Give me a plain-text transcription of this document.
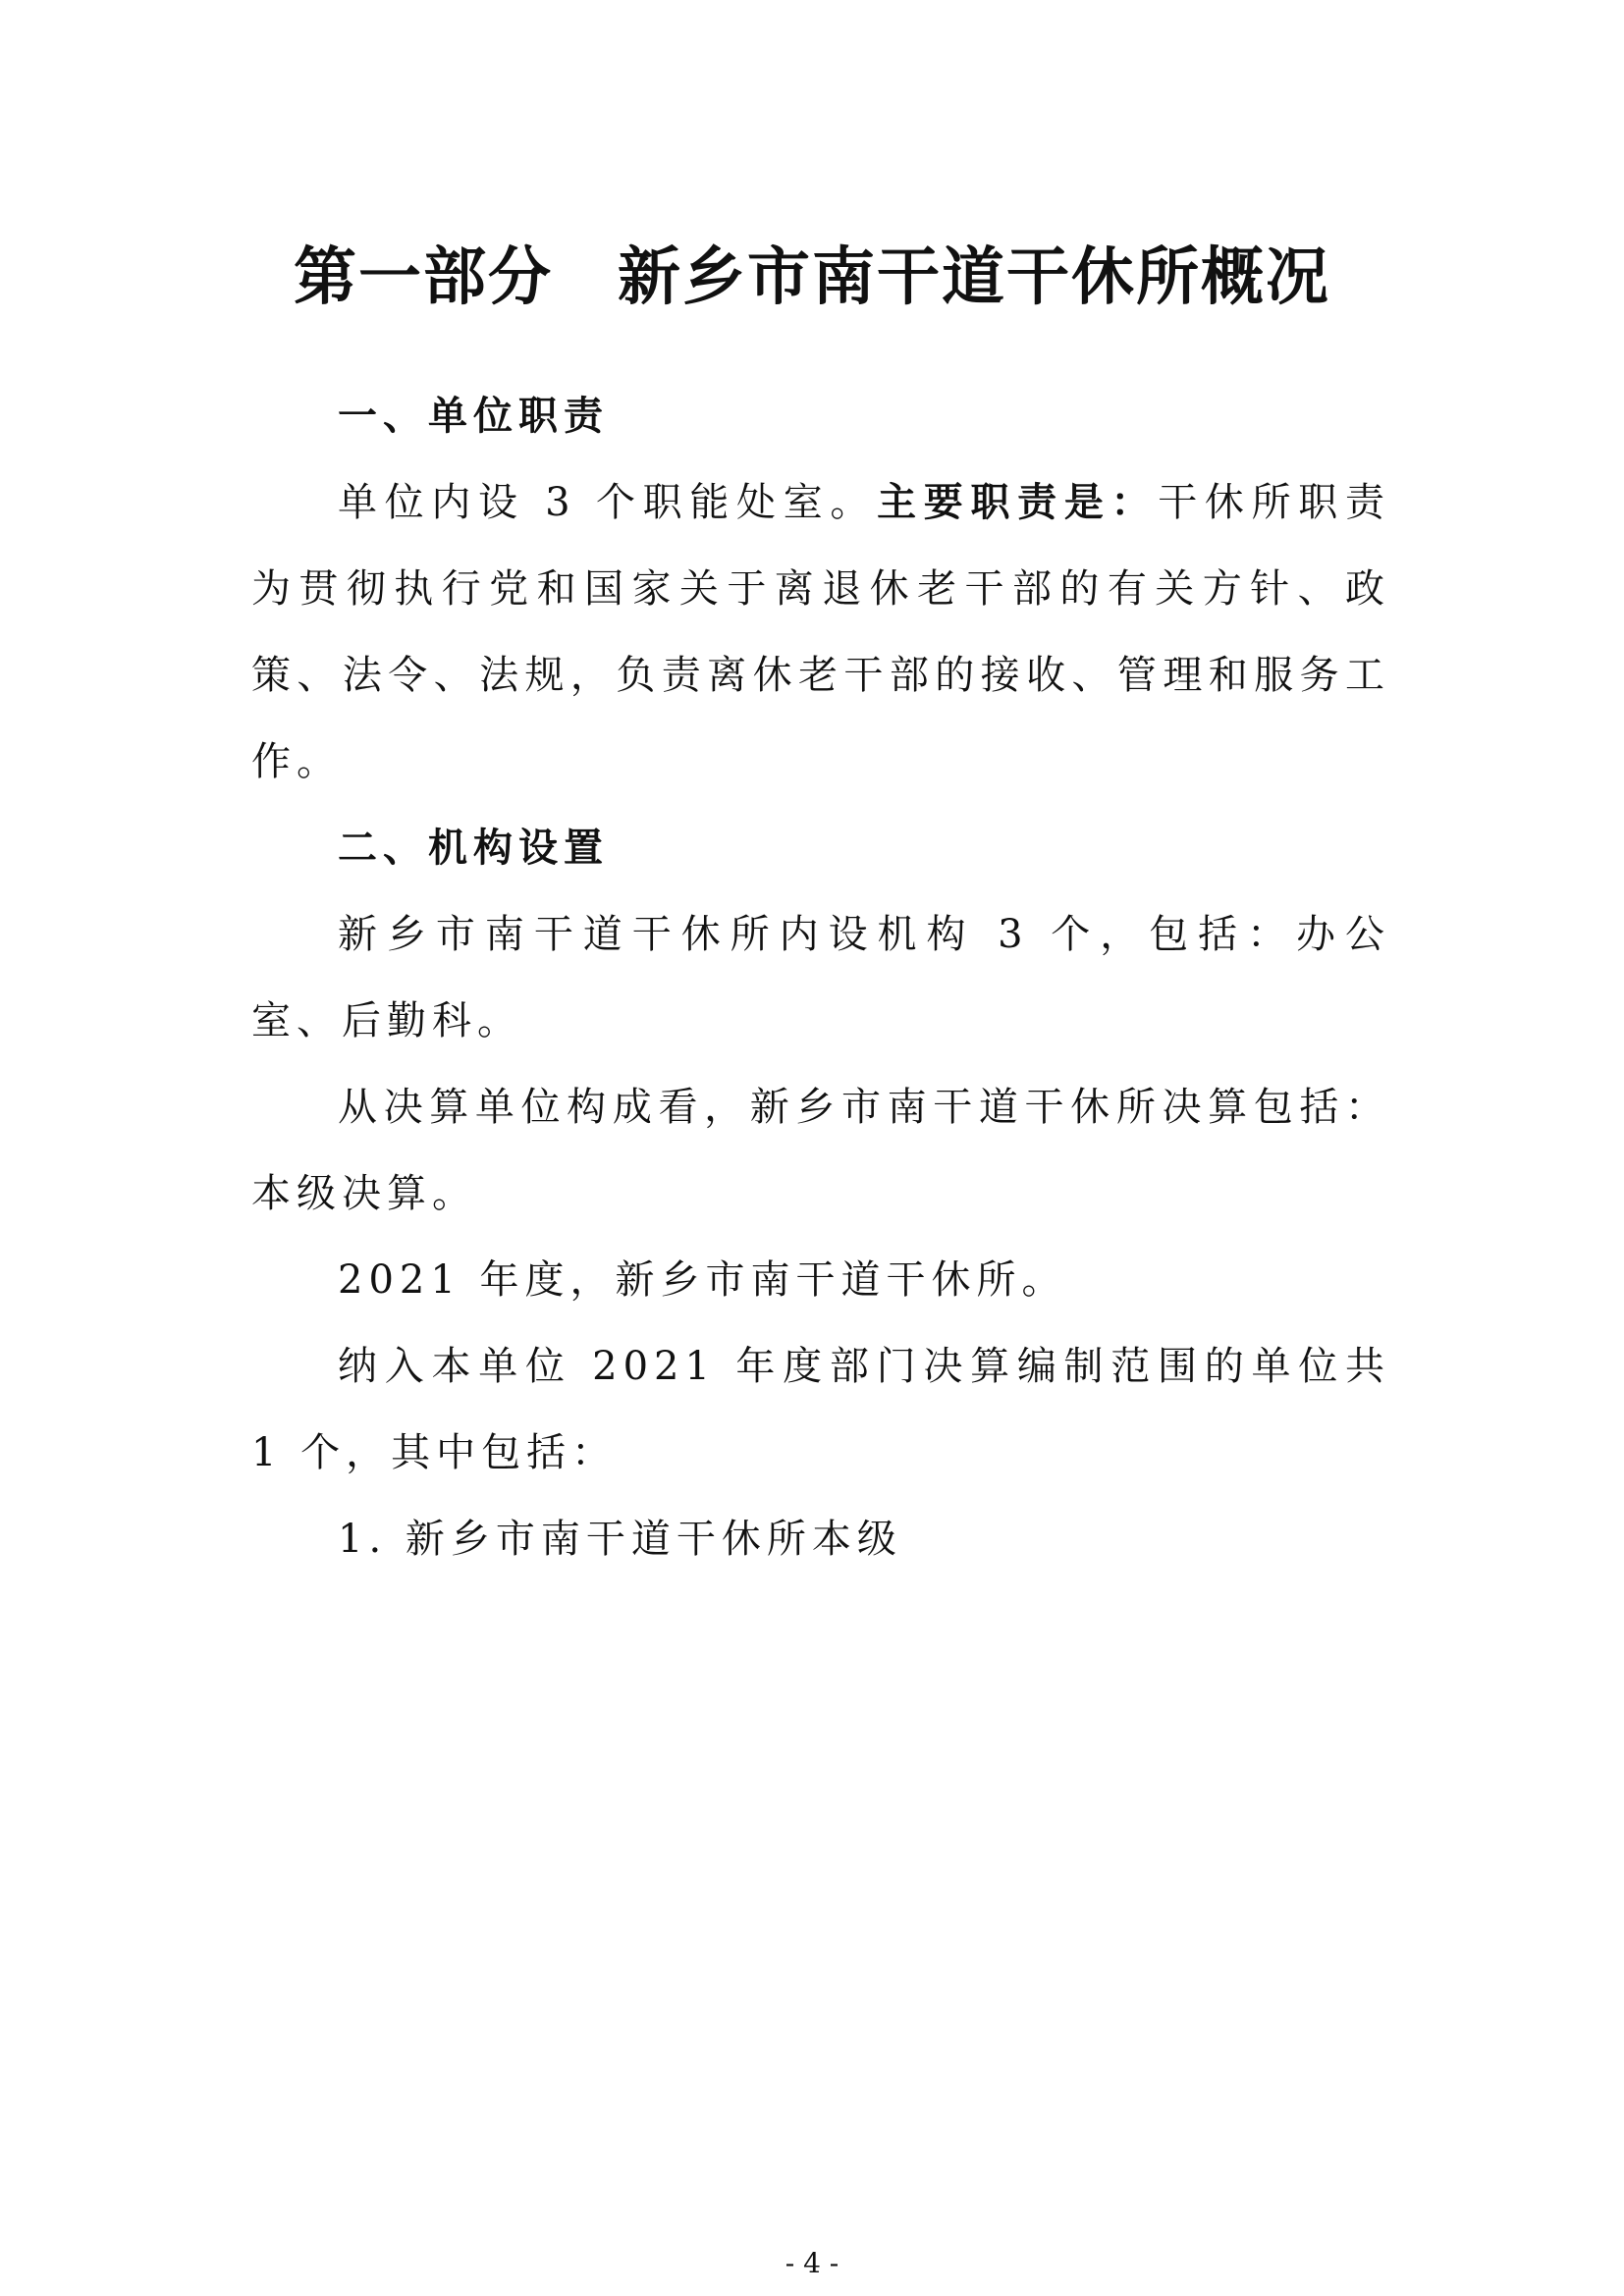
第一部分　新乡市南干道干休所概况
一、单位职责

单位内设 3 个职能处室。主要职责是：干休所职责为贯彻执行党和国家关于离退休老干部的有关方针、政策、法令、法规，负责离休老干部的接收、管理和服务工作。

二、机构设置

新乡市南干道干休所内设机构 3 个，包括：办公室、后勤科。

从决算单位构成看，新乡市南干道干休所决算包括：本级决算。

2021 年度，新乡市南干道干休所。

纳入本单位 2021 年度部门决算编制范围的单位共 1 个，其中包括：

1. 新乡市南干道干休所本级

- 4 -
